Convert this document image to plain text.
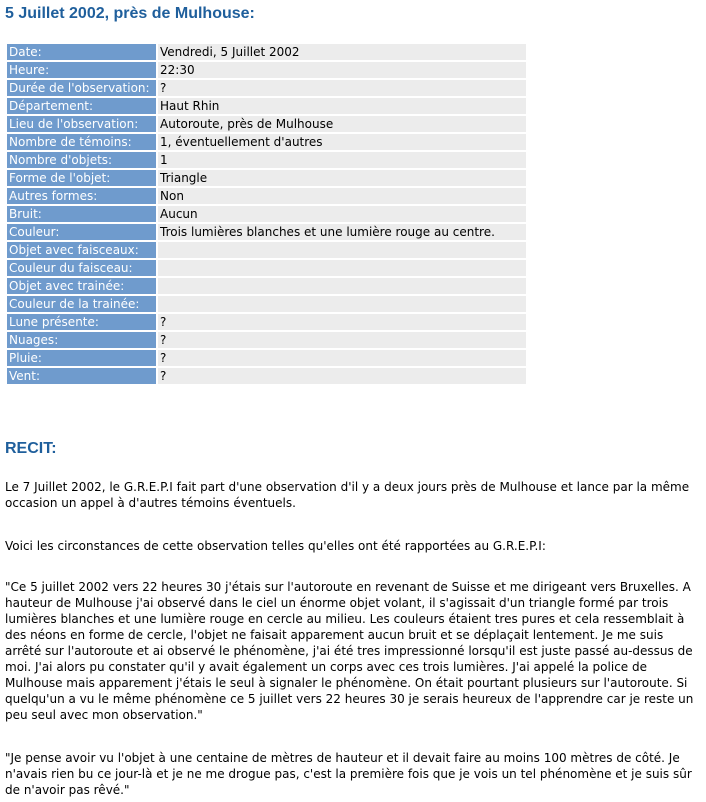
5 Juillet 2002, près de Mulhouse:
Date:	Vendredi, 5 Juillet 2002
Heure:	22:30
Durée de l'observation:	?
Département:	Haut Rhin
Lieu de l'observation:	Autoroute, près de Mulhouse
Nombre de témoins:	1, éventuellement d'autres
Nombre d'objets:	1
Forme de l'objet:	Triangle
Autres formes:	Non
Bruit:	Aucun
Couleur:	Trois lumières blanches et une lumière rouge au centre.
Objet avec faisceaux:	
Couleur du faisceau:	
Objet avec trainée:	
Couleur de la trainée:	
Lune présente:	?
Nuages:	?
Pluie:	?
Vent:	?
RECIT:

Le 7 Juillet 2002, le G.R.E.P.I fait part d'une observation d'il y a deux jours près de Mulhouse et lance par la même occasion un appel à d'autres témoins éventuels.

Voici les circonstances de cette observation telles qu'elles ont été rapportées au G.R.E.P.I:

"Ce 5 juillet 2002 vers 22 heures 30 j'étais sur l'autoroute en revenant de Suisse et me dirigeant vers Bruxelles. A hauteur de Mulhouse j'ai observé dans le ciel un énorme objet volant, il s'agissait d'un triangle formé par trois lumières blanches et une lumière rouge en cercle au milieu. Les couleurs étaient tres pures et cela ressemblait à des néons en forme de cercle, l'objet ne faisait apparement aucun bruit et se déplaçait lentement. Je me suis arrêté sur l'autoroute et ai observé le phénomène, j'ai été tres impressionné lorsqu'il est juste passé au-dessus de moi. J'ai alors pu constater qu'il y avait également un corps avec ces trois lumières. J'ai appelé la police de Mulhouse mais apparement j'étais le seul à signaler le phénomène. On était pourtant plusieurs sur l'autoroute. Si quelqu'un a vu le même phénomène ce 5 juillet vers 22 heures 30 je serais heureux de l'apprendre car je reste un peu seul avec mon observation."

"Je pense avoir vu l'objet à une centaine de mètres de hauteur et il devait faire au moins 100 mètres de côté. Je n'avais rien bu ce jour-là et je ne me drogue pas, c'est la première fois que je vois un tel phénomène et je suis sûr de n'avoir pas rêvé."
